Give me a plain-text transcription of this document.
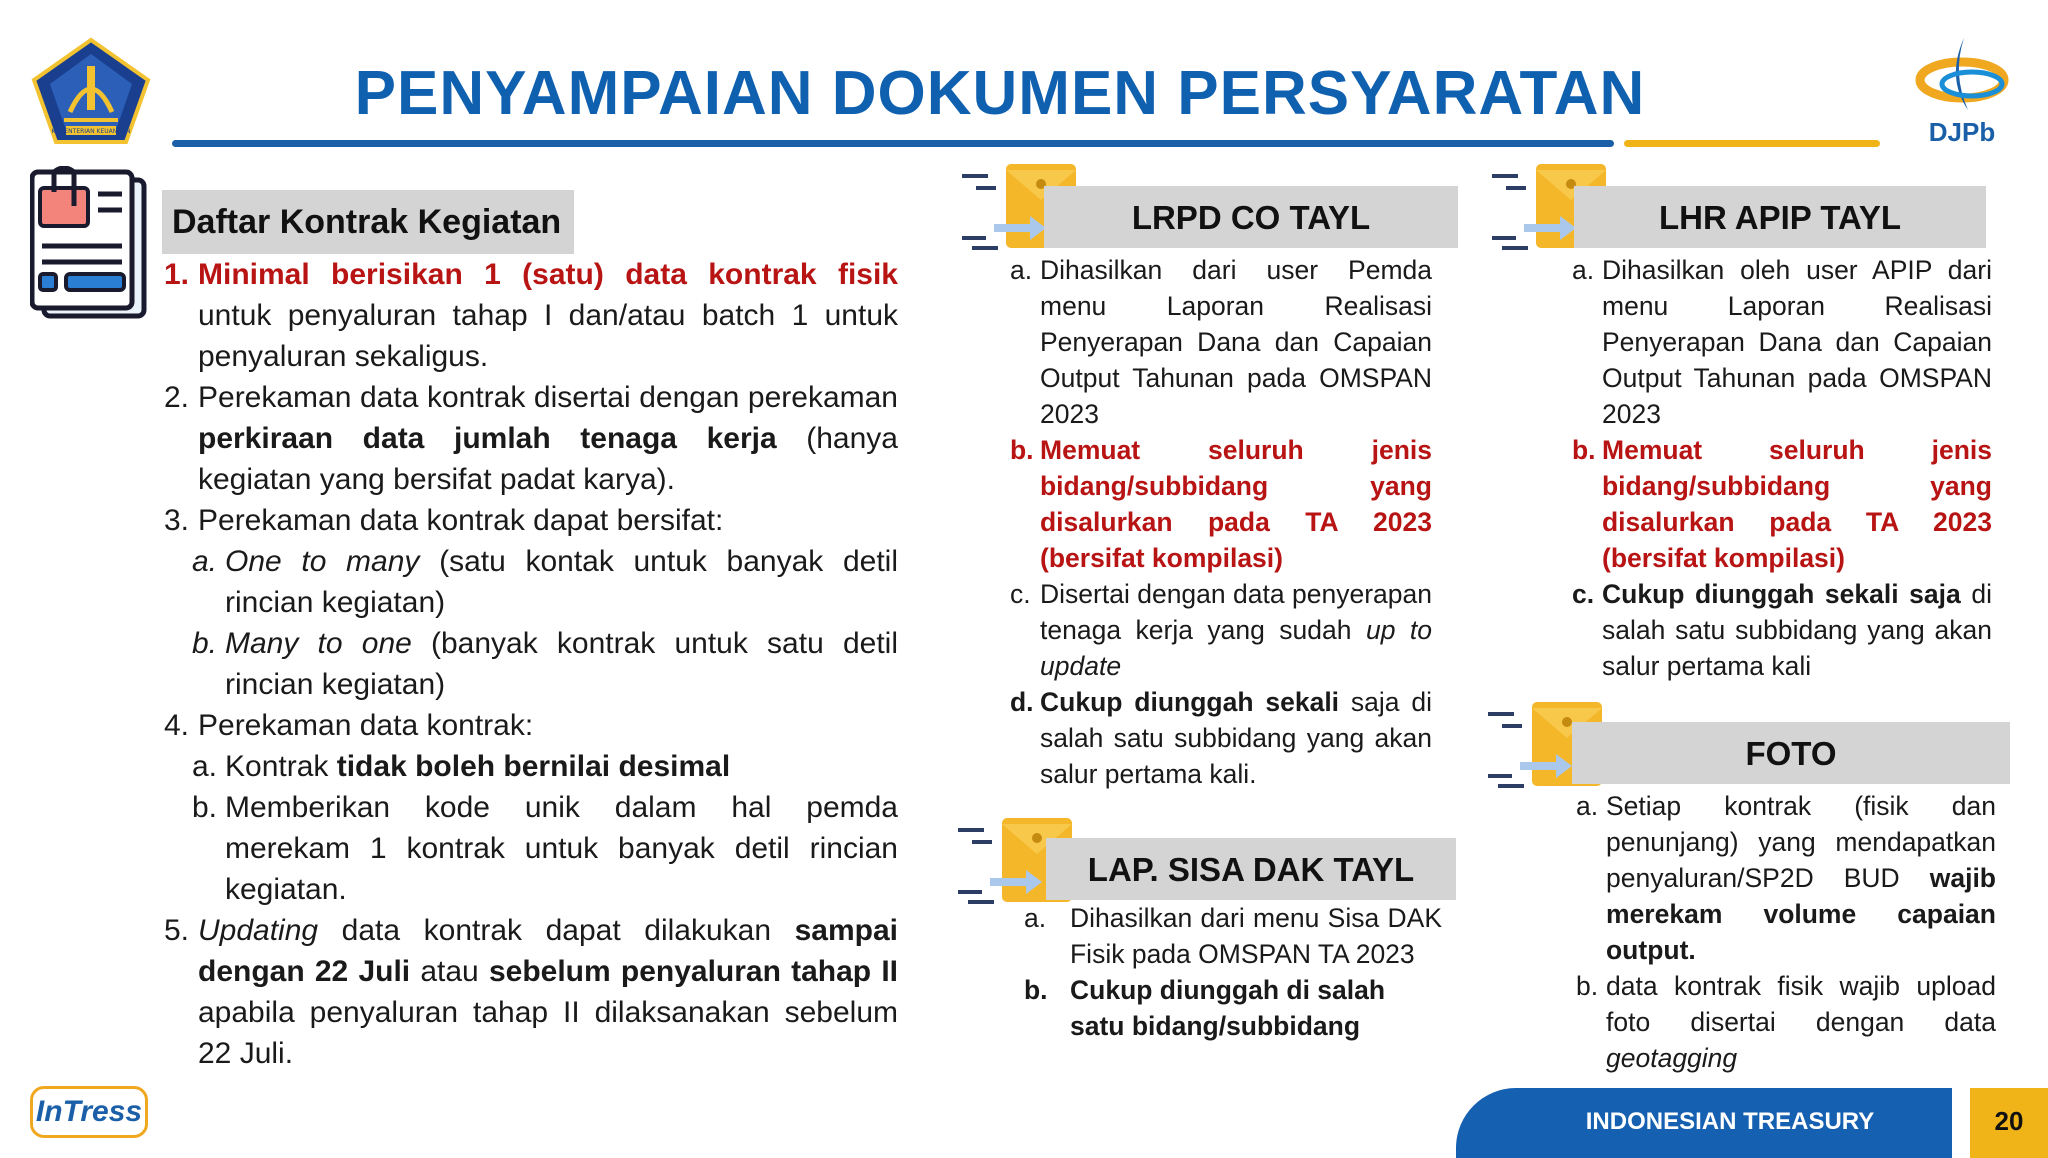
KEMENTERIAN KEUANGAN
PENYAMPAIAN DOKUMEN PERSYARATAN
DJPb
Daftar Kontrak Kegiatan
1. Minimal berisikan 1 (satu) data kontrak fisik untuk penyaluran tahap I dan/atau batch 1 untuk penyaluran sekaligus.
2. Perekaman data kontrak disertai dengan perekaman perkiraan data jumlah tenaga kerja (hanya kegiatan yang bersifat padat karya).
3. Perekaman data kontrak dapat bersifat:
a. One to many (satu kontak untuk banyak detil rincian kegiatan)
b. Many to one (banyak kontrak untuk satu detil rincian kegiatan)
4. Perekaman data kontrak:
a. Kontrak tidak boleh bernilai desimal
b. Memberikan kode unik dalam hal pemda merekam 1 kontrak untuk banyak detil rincian kegiatan.
5. Updating data kontrak dapat dilakukan sampai dengan 22 Juli atau sebelum penyaluran tahap II apabila penyaluran tahap II dilaksanakan sebelum 22 Juli.
LRPD CO TAYL
a. Dihasilkan dari user Pemda menu Laporan Realisasi Penyerapan Dana dan Capaian Output Tahunan pada OMSPAN 2023
b. Memuat seluruh jenis bidang/subbidang yang disalurkan pada TA 2023 (bersifat kompilasi)
c. Disertai dengan data penyerapan tenaga kerja yang sudah up to update
d. Cukup diunggah sekali saja di salah satu subbidang yang akan salur pertama kali.
LAP. SISA DAK TAYL
a. Dihasilkan dari menu Sisa DAK Fisik pada OMSPAN TA 2023
b. Cukup diunggah di salah satu bidang/subbidang
LHR APIP TAYL
a. Dihasilkan oleh user APIP dari menu Laporan Realisasi Penyerapan Dana dan Capaian Output Tahunan pada OMSPAN 2023
b. Memuat seluruh jenis bidang/subbidang yang disalurkan pada TA 2023 (bersifat kompilasi)
c. Cukup diunggah sekali saja di salah satu subbidang yang akan salur pertama kali
FOTO
a. Setiap kontrak (fisik dan penunjang) yang mendapatkan penyaluran/SP2D BUD wajib merekam volume capaian output.
b. data kontrak fisik wajib upload foto disertai dengan data geotagging
InTress	INDONESIAN TREASURY	20
